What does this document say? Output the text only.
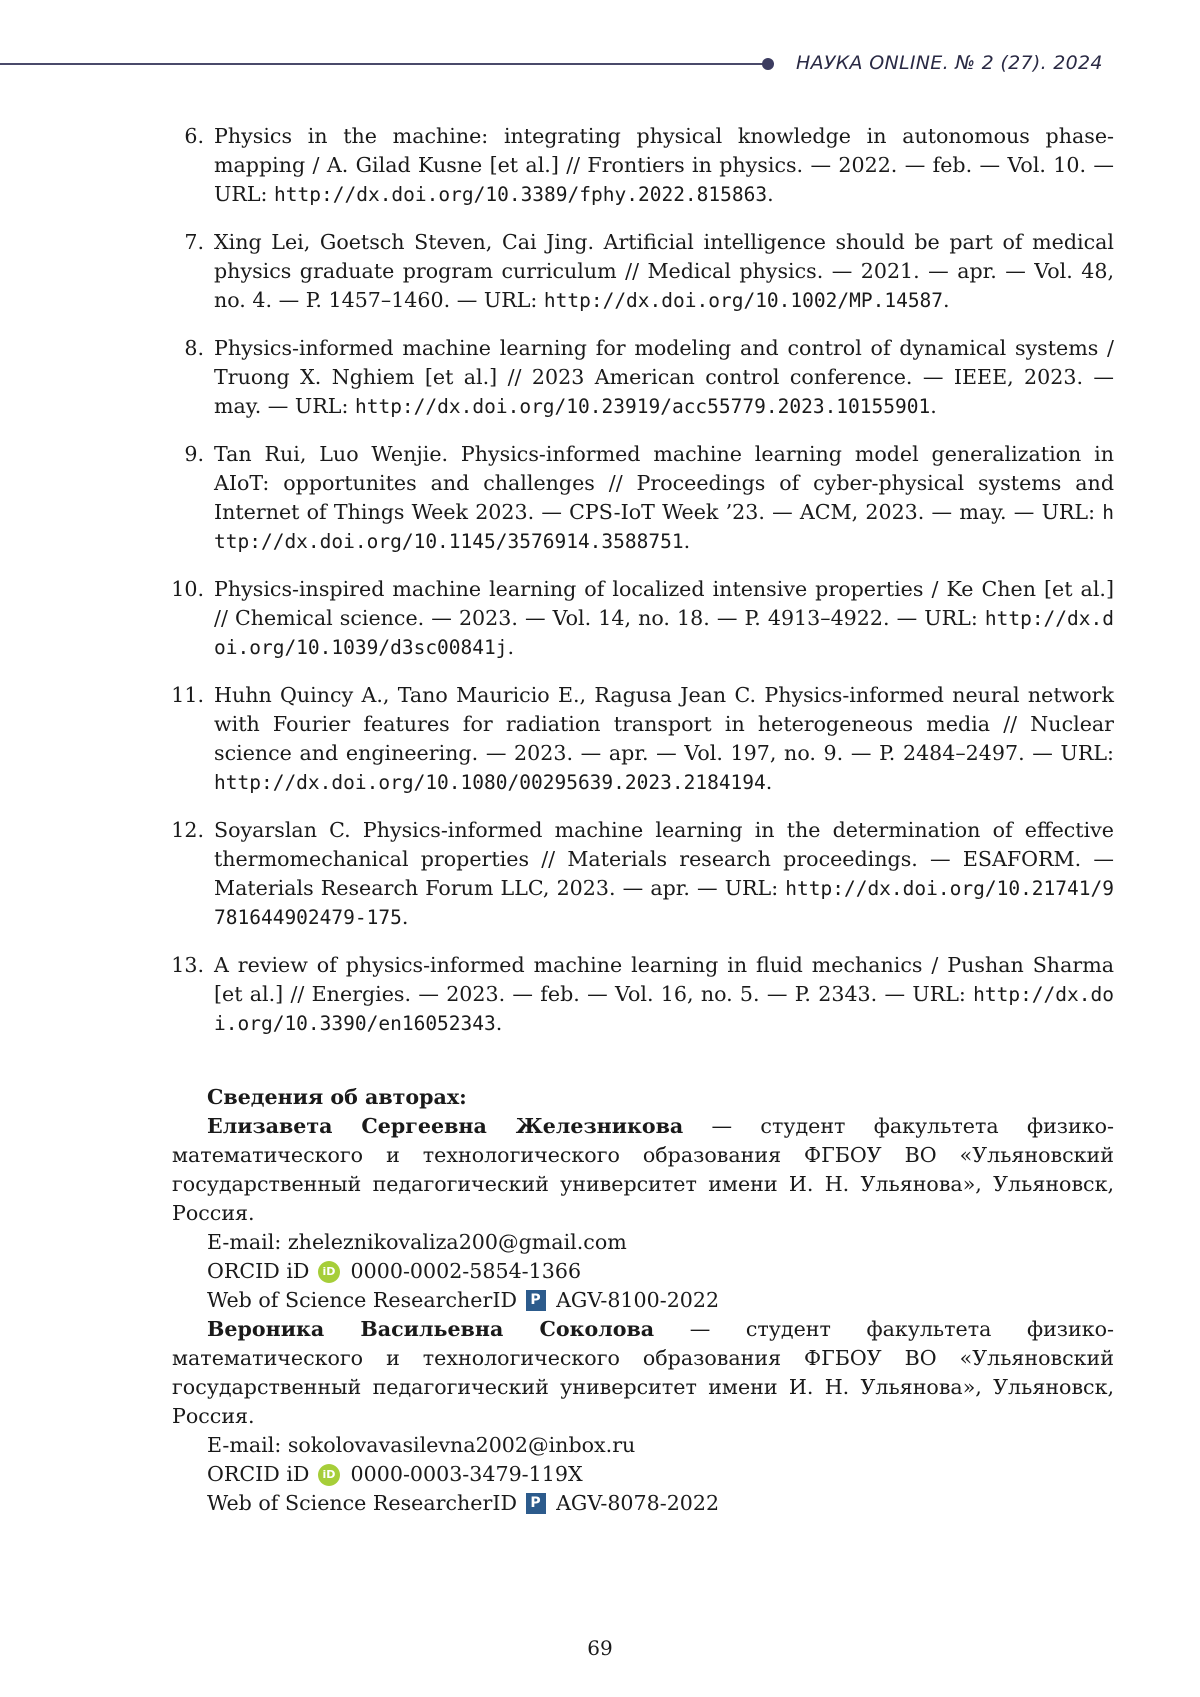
НАУКА ONLINE. № 2 (27). 2024
6. Physics in the machine: integrating physical knowledge in autonomous phase-mapping / A. Gilad Kusne [et al.] // Frontiers in physics. — 2022. — feb. — Vol. 10. — URL: http://dx.doi.org/10.3389/fphy.2022.815863.
7. Xing Lei, Goetsch Steven, Cai Jing. Artificial intelligence should be part of medical physics graduate program curriculum // Medical physics. — 2021. — apr. — Vol. 48, no. 4. — P. 1457–1460. — URL: http://dx.doi.org/10.1002/MP.14587.
8. Physics-informed machine learning for modeling and control of dynamical systems / Truong X. Nghiem [et al.] // 2023 American control conference. — IEEE, 2023. — may. — URL: http://dx.doi.org/10.23919/acc55779.2023.10155901.
9. Tan Rui, Luo Wenjie. Physics-informed machine learning model generalization in AIoT: opportunites and challenges // Proceedings of cyber-physical systems and Internet of Things Week 2023. — CPS-IoT Week ’23. — ACM, 2023. — may. — URL: http://dx.doi.org/10.1145/3576914.3588751.
10. Physics-inspired machine learning of localized intensive properties / Ke Chen [et al.] // Chemical science. — 2023. — Vol. 14, no. 18. — P. 4913–4922. — URL: http://dx.doi.org/10.1039/d3sc00841j.
11. Huhn Quincy A., Tano Mauricio E., Ragusa Jean C. Physics-informed neural network with Fourier features for radiation transport in heterogeneous media // Nuclear science and engineering. — 2023. — apr. — Vol. 197, no. 9. — P. 2484–2497. — URL: http://dx.doi.org/10.1080/00295639.2023.2184194.
12. Soyarslan C. Physics-informed machine learning in the determination of effective thermomechanical properties // Materials research proceedings. — ESAFORM. — Materials Research Forum LLC, 2023. — apr. — URL: http://dx.doi.org/10.21741/9781644902479-175.
13. A review of physics-informed machine learning in fluid mechanics / Pushan Sharma [et al.] // Energies. — 2023. — feb. — Vol. 16, no. 5. — P. 2343. — URL: http://dx.doi.org/10.3390/en16052343.
Сведения об авторах:
Елизавета Сергеевна Железникова — студент факультета физико-математического и технологического образования ФГБОУ ВО «Ульяновский государственный педагогический университет имени И. Н. Ульянова», Ульяновск, Россия.
E-mail: zheleznikovaliza200@gmail.com
ORCID iD iD 0000-0002-5854-1366
Web of Science ResearcherID P AGV-8100-2022
Вероника Васильевна Соколова — студент факультета физико-математического и технологического образования ФГБОУ ВО «Ульяновский государственный педагогический университет имени И. Н. Ульянова», Ульяновск, Россия.
E-mail: sokolovavasilevna2002@inbox.ru
ORCID iD iD 0000-0003-3479-119X
Web of Science ResearcherID P AGV-8078-2022
69
